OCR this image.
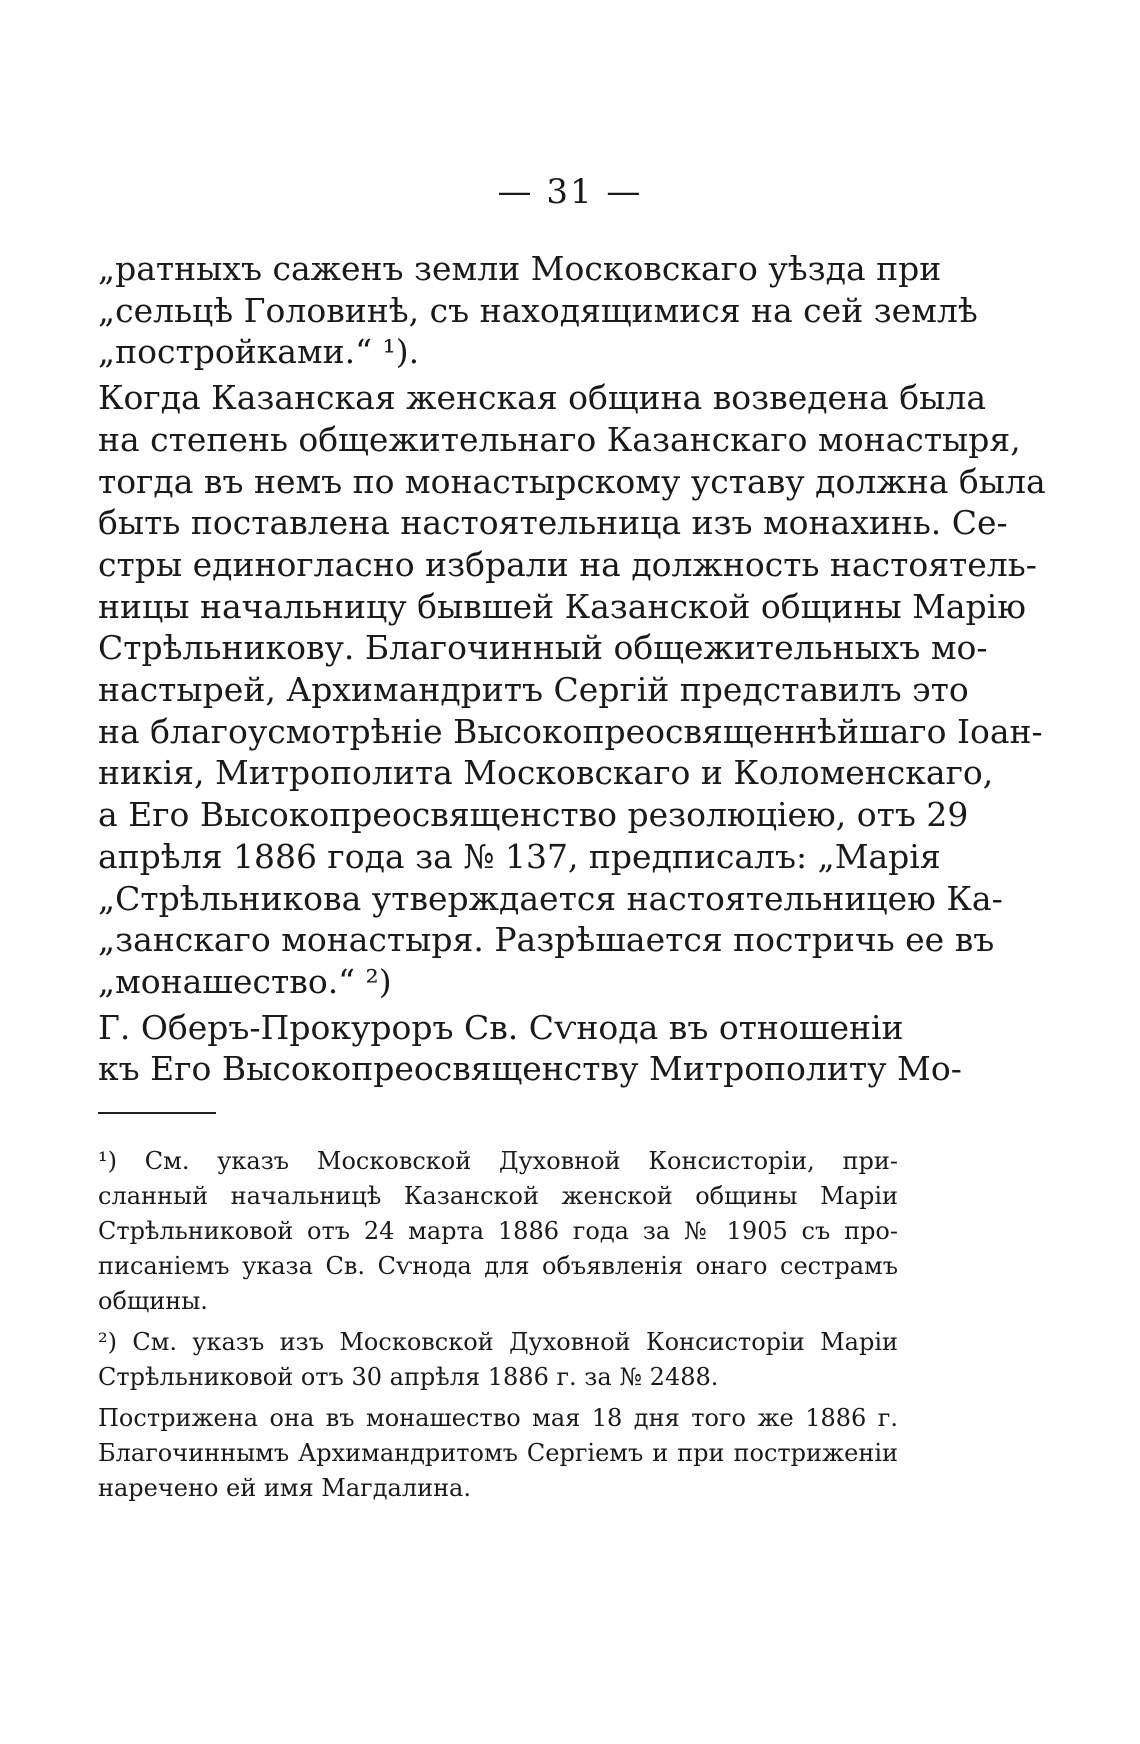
— 31 —
„ратныхъ саженъ земли Московскаго уѣзда при
„сельцѣ Головинѣ, съ находящимися на сей землѣ
„постройками.“ ¹).
Когда Казанская женская община возведена была
на степень общежительнаго Казанскаго монастыря,
тогда въ немъ по монастырскому уставу должна была
быть поставлена настоятельница изъ монахинь. Се-
стры единогласно избрали на должность настоятель-
ницы начальницу бывшей Казанской общины Марію
Стрѣльникову. Благочинный общежительныхъ мо-
настырей, Архимандритъ Сергій представилъ это
на благоусмотрѣніе Высокопреосвященнѣйшаго Іоан-
никія, Митрополита Московскаго и Коломенскаго,
а Его Высокопреосвященство резолюціею, отъ 29
апрѣля 1886 года за № 137, предписалъ: „Марія
„Стрѣльникова утверждается настоятельницею Ка-
„занскаго монастыря. Разрѣшается постричь ее въ
„монашество.“ ²)
Г. Оберъ-Прокуроръ Св. Сѵнода въ отношеніи
къ Его Высокопреосвященству Митрополиту Мо-
¹) См. указъ Московской Духовной Консисторіи, при-
сланный начальницѣ Казанской женской общины Маріи
Стрѣльниковой отъ 24 марта 1886 года за № 1905 съ про-
писаніемъ указа Св. Сѵнода для объявленія онаго сестрамъ
общины.
²) См. указъ изъ Московской Духовной Консисторіи Маріи
Стрѣльниковой отъ 30 апрѣля 1886 г. за № 2488.
Пострижена она въ монашество мая 18 дня того же 1886 г.
Благочиннымъ Архимандритомъ Сергіемъ и при постриженіи
наречено ей имя Магдалина.
